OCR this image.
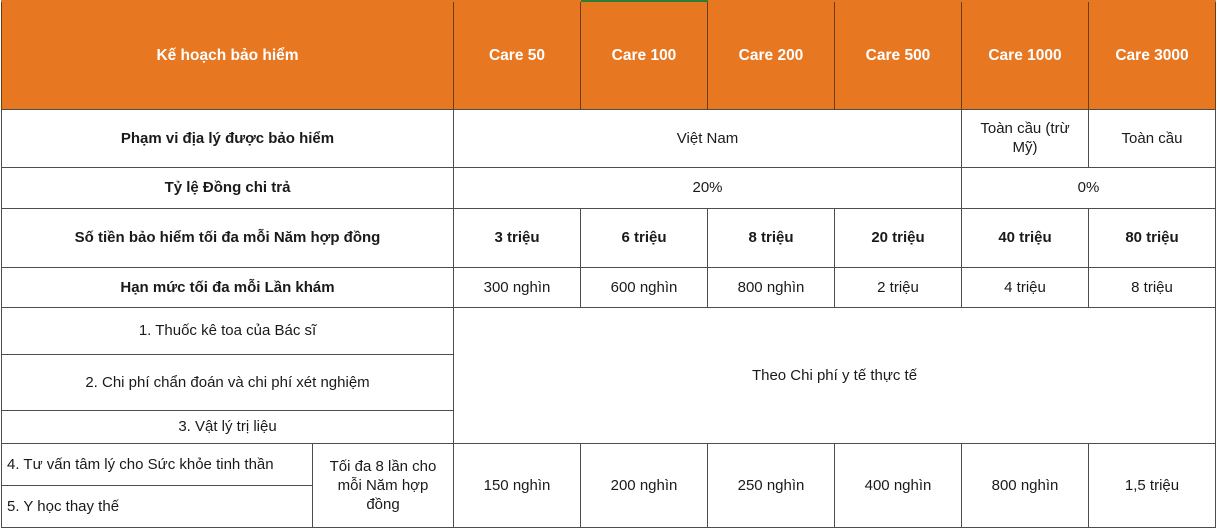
Kế hoạch bảo hiểm		Care 50	Care 100	Care 200	Care 500	Care 1000	Care 3000
Phạm vi địa lý được bảo hiểm		Việt Nam				Toàn cầu (trừ Mỹ)	Toàn cầu
Tỷ lệ Đồng chi trả		20%				0%	
Số tiền bảo hiểm tối đa mỗi Năm hợp đồng		3 triệu	6 triệu	8 triệu	20 triệu	40 triệu	80 triệu
Hạn mức tối đa mỗi Lần khám		300 nghìn	600 nghìn	800 nghìn	2 triệu	4 triệu	8 triệu
1. Thuốc kê toa của Bác sĩ		Theo Chi phí y tế thực tế					
2. Chi phí chẩn đoán và chi phí xét nghiệm							
3. Vật lý trị liệu							
4. Tư vấn tâm lý cho Sức khỏe tinh thần	Tối đa 8 lần cho mỗi Năm hợp đồng	150 nghìn	200 nghìn	250 nghìn	400 nghìn	800 nghìn	1,5 triệu
5. Y học thay thế							
